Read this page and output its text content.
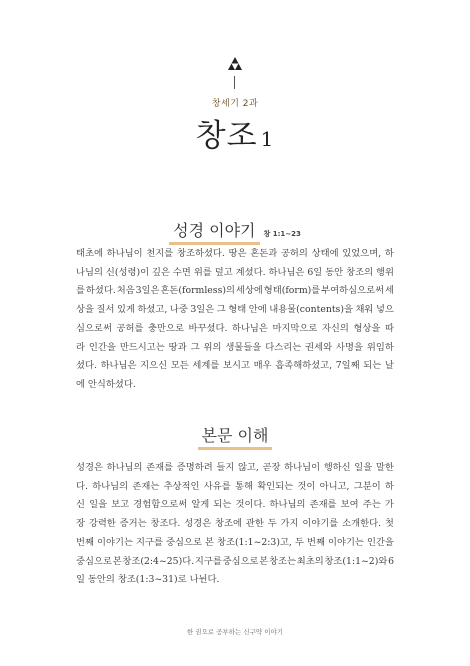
창세기 2과
창조 1
성경 이야기 창 1:1~23
태초에 하나님이 천지를 창조하셨다. 땅은 혼돈과 공허의 상태에 있었으며, 하
나님의 신(성령)이 깊은 수면 위를 덮고 계셨다. 하나님은 6일 동안 창조의 행위
를 하셨다. 처음 3일은 혼돈(formless)의 세상에 형태(form)를 부여하심으로써 세
상을 질서 있게 하셨고, 나중 3일은 그 형태 안에 내용물(contents)을 채워 넣으
심으로써 공허를 충만으로 바꾸셨다. 하나님은 마지막으로 자신의 형상을 따
라 인간을 만드시고는 땅과 그 위의 생물들을 다스리는 권세와 사명을 위임하
셨다. 하나님은 지으신 모든 세계를 보시고 매우 흡족해하셨고, 7일째 되는 날
에 안식하셨다.
본문 이해
성경은 하나님의 존재를 증명하려 들지 않고, 곧장 하나님이 행하신 일을 말한
다. 하나님의 존재는 추상적인 사유를 통해 확인되는 것이 아니고, 그분이 하
신 일을 보고 경험함으로써 알게 되는 것이다. 하나님의 존재를 보여 주는 가
장 강력한 증거는 창조다. 성경은 창조에 관한 두 가지 이야기를 소개한다. 첫
번째 이야기는 지구를 중심으로 본 창조(1:1~2:3)고, 두 번째 이야기는 인간을
중심으로 본 창조(2:4~25)다. 지구를 중심으로 본 창조는 최초의 창조(1:1~2)와 6
일 동안의 창조(1:3~31)로 나뉜다.
한 권으로 공부하는 신구약 이야기
